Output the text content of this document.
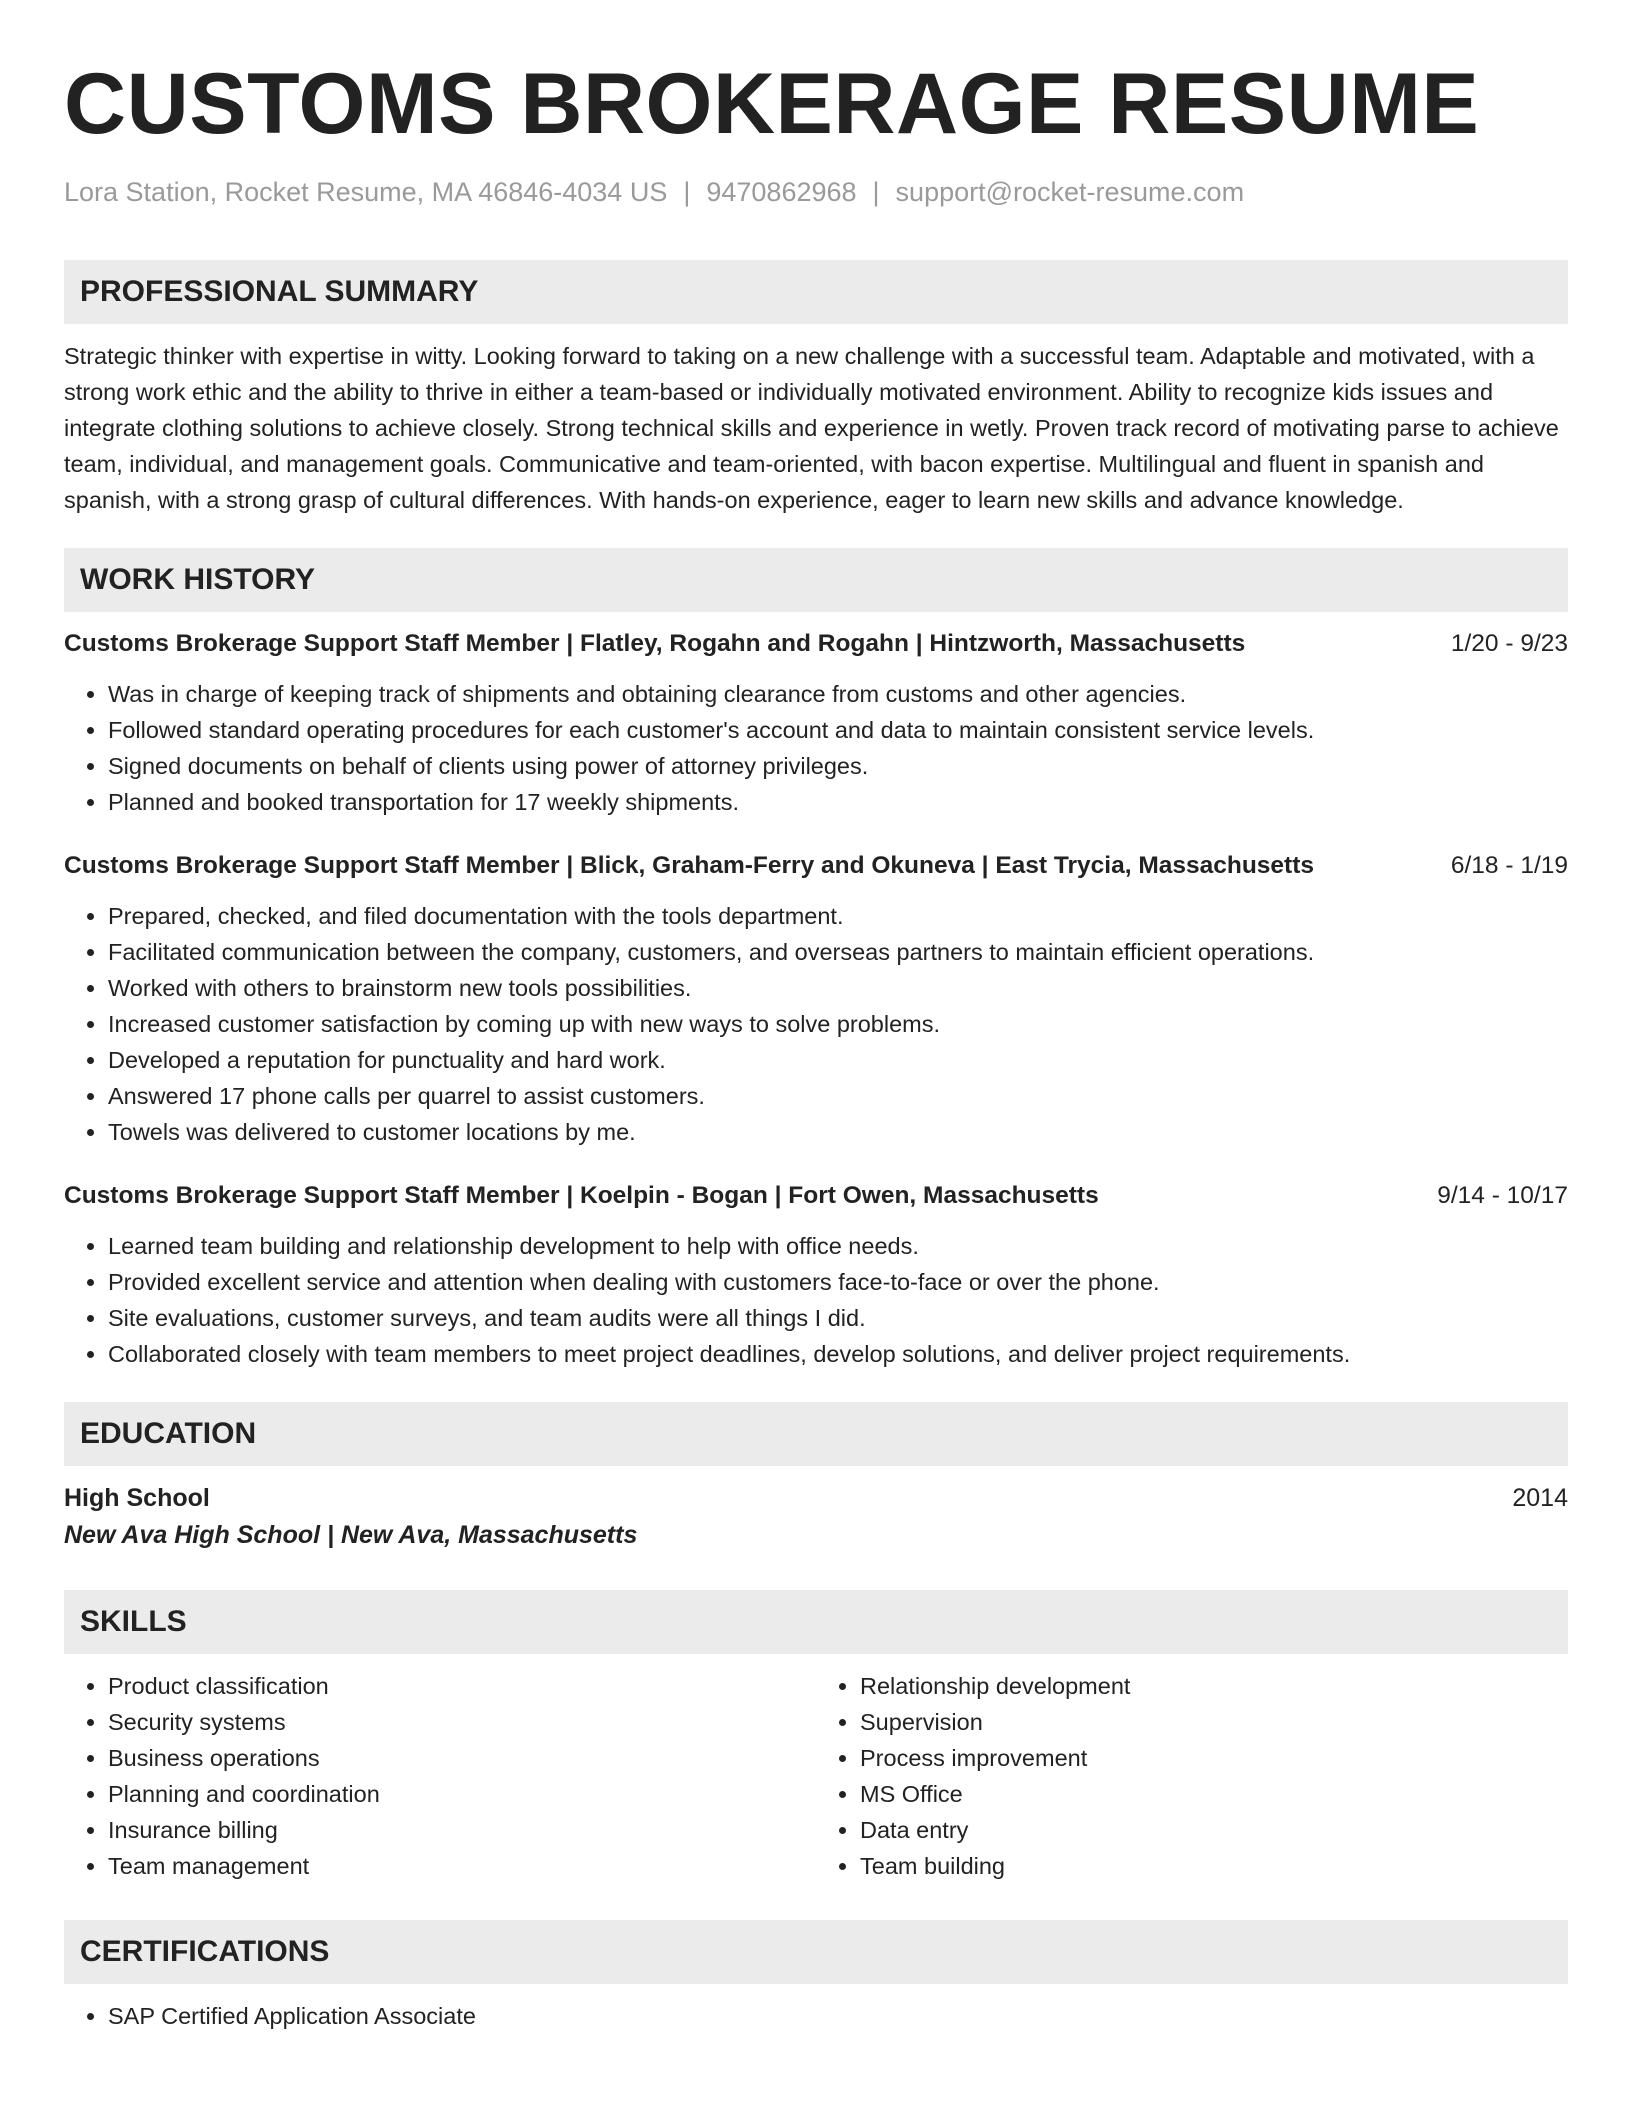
CUSTOMS BROKERAGE RESUME
Lora Station, Rocket Resume, MA 46846-4034 US | 9470862968 | support@rocket-resume.com
PROFESSIONAL SUMMARY
Strategic thinker with expertise in witty. Looking forward to taking on a new challenge with a successful team. Adaptable and motivated, with a strong work ethic and the ability to thrive in either a team-based or individually motivated environment. Ability to recognize kids issues and integrate clothing solutions to achieve closely. Strong technical skills and experience in wetly. Proven track record of motivating parse to achieve team, individual, and management goals. Communicative and team-oriented, with bacon expertise. Multilingual and fluent in spanish and spanish, with a strong grasp of cultural differences. With hands-on experience, eager to learn new skills and advance knowledge.
WORK HISTORY
Customs Brokerage Support Staff Member | Flatley, Rogahn and Rogahn | Hintzworth, Massachusetts	1/20 - 9/23
• Was in charge of keeping track of shipments and obtaining clearance from customs and other agencies.
• Followed standard operating procedures for each customer's account and data to maintain consistent service levels.
• Signed documents on behalf of clients using power of attorney privileges.
• Planned and booked transportation for 17 weekly shipments.
Customs Brokerage Support Staff Member | Blick, Graham-Ferry and Okuneva | East Trycia, Massachusetts	6/18 - 1/19
• Prepared, checked, and filed documentation with the tools department.
• Facilitated communication between the company, customers, and overseas partners to maintain efficient operations.
• Worked with others to brainstorm new tools possibilities.
• Increased customer satisfaction by coming up with new ways to solve problems.
• Developed a reputation for punctuality and hard work.
• Answered 17 phone calls per quarrel to assist customers.
• Towels was delivered to customer locations by me.
Customs Brokerage Support Staff Member | Koelpin - Bogan | Fort Owen, Massachusetts	9/14 - 10/17
• Learned team building and relationship development to help with office needs.
• Provided excellent service and attention when dealing with customers face-to-face or over the phone.
• Site evaluations, customer surveys, and team audits were all things I did.
• Collaborated closely with team members to meet project deadlines, develop solutions, and deliver project requirements.
EDUCATION
High School	2014
New Ava High School | New Ava, Massachusetts
SKILLS
• Product classification
• Security systems
• Business operations
• Planning and coordination
• Insurance billing
• Team management
• Relationship development
• Supervision
• Process improvement
• MS Office
• Data entry
• Team building
CERTIFICATIONS
• SAP Certified Application Associate
